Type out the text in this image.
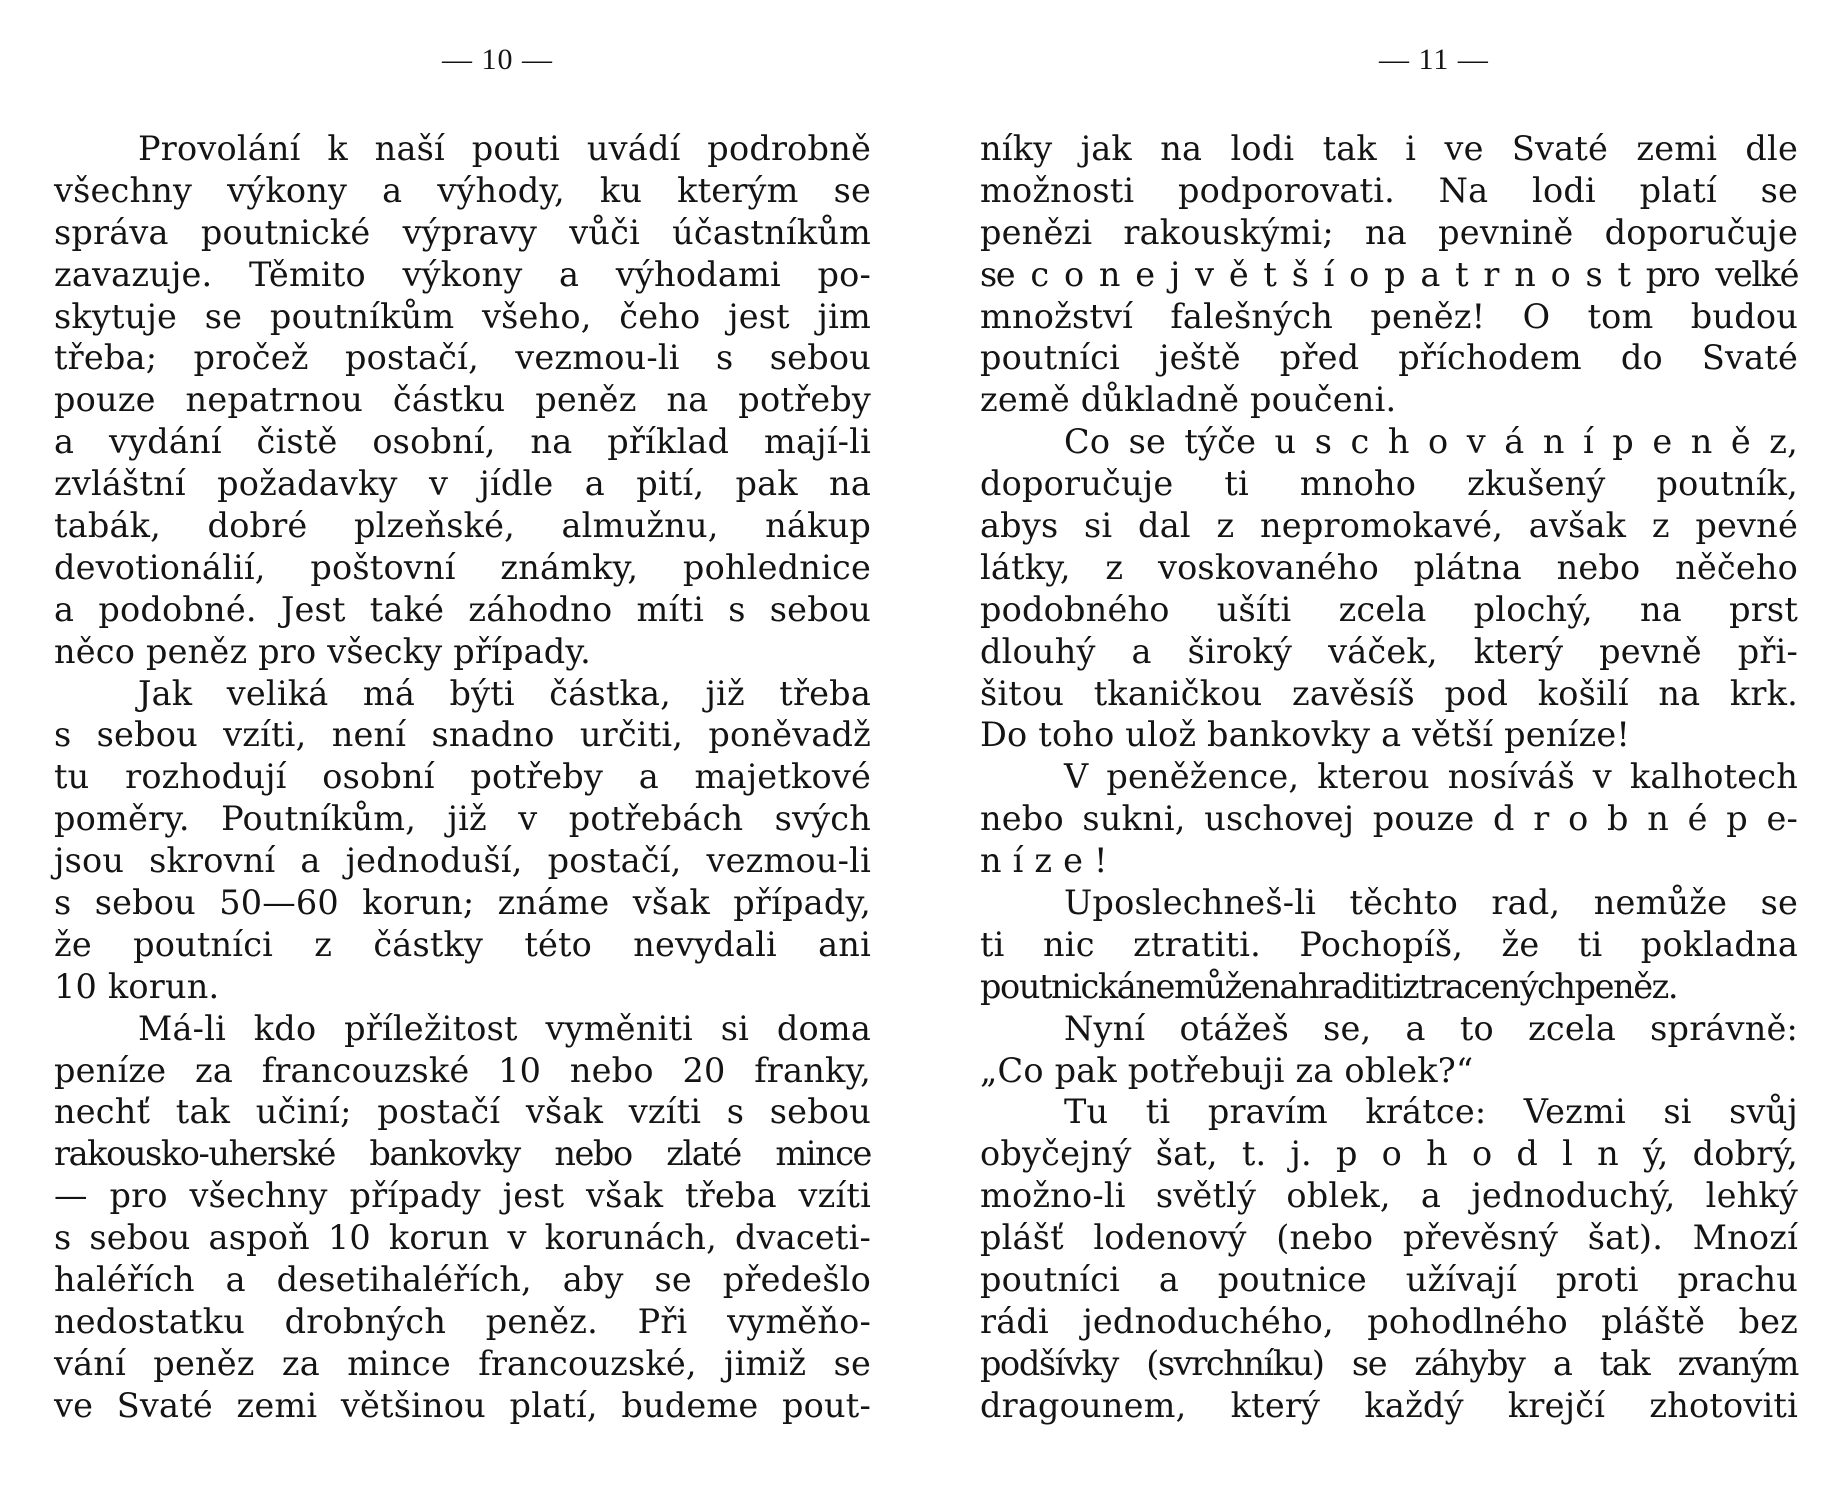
— 10 —
Provolání k naší pouti uvádí podrobně
všechny výkony a výhody, ku kterým se
správa poutnické výpravy vůči účastníkům
zavazuje. Těmito výkony a výhodami po-
skytuje se poutníkům všeho, čeho jest jim
třeba; pročež postačí, vezmou-li s sebou
pouze nepatrnou částku peněz na potřeby
a vydání čistě osobní, na příklad mají-li
zvláštní požadavky v jídle a pití, pak na
tabák, dobré plzeňské, almužnu, nákup
devotionálií, poštovní známky, pohlednice
a podobné. Jest také záhodno míti s sebou
něco peněz pro všecky případy.
Jak veliká má býti částka, již třeba
s sebou vzíti, není snadno určiti, poněvadž
tu rozhodují osobní potřeby a majetkové
poměry. Poutníkům, již v potřebách svých
jsou skrovní a jednoduší, postačí, vezmou-li
s sebou 50—60 korun; známe však případy,
že poutníci z částky této nevydali ani
10 korun.
Má-li kdo příležitost vyměniti si doma
peníze za francouzské 10 nebo 20 franky,
nechť tak učiní; postačí však vzíti s sebou
rakousko-uherské bankovky nebo zlaté mince
— pro všechny případy jest však třeba vzíti
s sebou aspoň 10 korun v korunách, dvaceti-
haléřích a desetihaléřích, aby se předešlo
nedostatku drobných peněz. Při vyměňo-
vání peněz za mince francouzské, jimiž se
ve Svaté zemi většinou platí, budeme pout-
— 11 —
níky jak na lodi tak i ve Svaté zemi dle
možnosti podporovati. Na lodi platí se
penězi rakouskými; na pevnině doporučuje
se c o n e j v ě t š í o p a t r n o s t pro velké
množství falešných peněz! O tom budou
poutníci ještě před příchodem do Svaté
země důkladně poučeni.
Co se týče u s c h o v á n í p e n ě z,
doporučuje ti mnoho zkušený poutník,
abys si dal z nepromokavé, avšak z pevné
látky, z voskovaného plátna nebo něčeho
podobného ušíti zcela plochý, na prst
dlouhý a široký váček, který pevně při-
šitou tkaničkou zavěsíš pod košilí na krk.
Do toho ulož bankovky a větší peníze!
V peněžence, kterou nosíváš v kalhotech
nebo sukni, uschovej pouze d r o b n é p e-
n í z e !
Uposlechneš-li těchto rad, nemůže se
ti nic ztratiti. Pochopíš, že ti pokladna
poutnickánemůženahraditiztracenýchpeněz.
Nyní otážeš se, a to zcela správně:
„Co pak potřebuji za oblek?“
Tu ti pravím krátce: Vezmi si svůj
obyčejný šat, t. j. p o h o d l n ý, dobrý,
možno-li světlý oblek, a jednoduchý, lehký
plášť lodenový (nebo převěsný šat). Mnozí
poutníci a poutnice užívají proti prachu
rádi jednoduchého, pohodlného pláště bez
podšívky (svrchníku) se záhyby a tak zvaným
dragounem, který každý krejčí zhotoviti
